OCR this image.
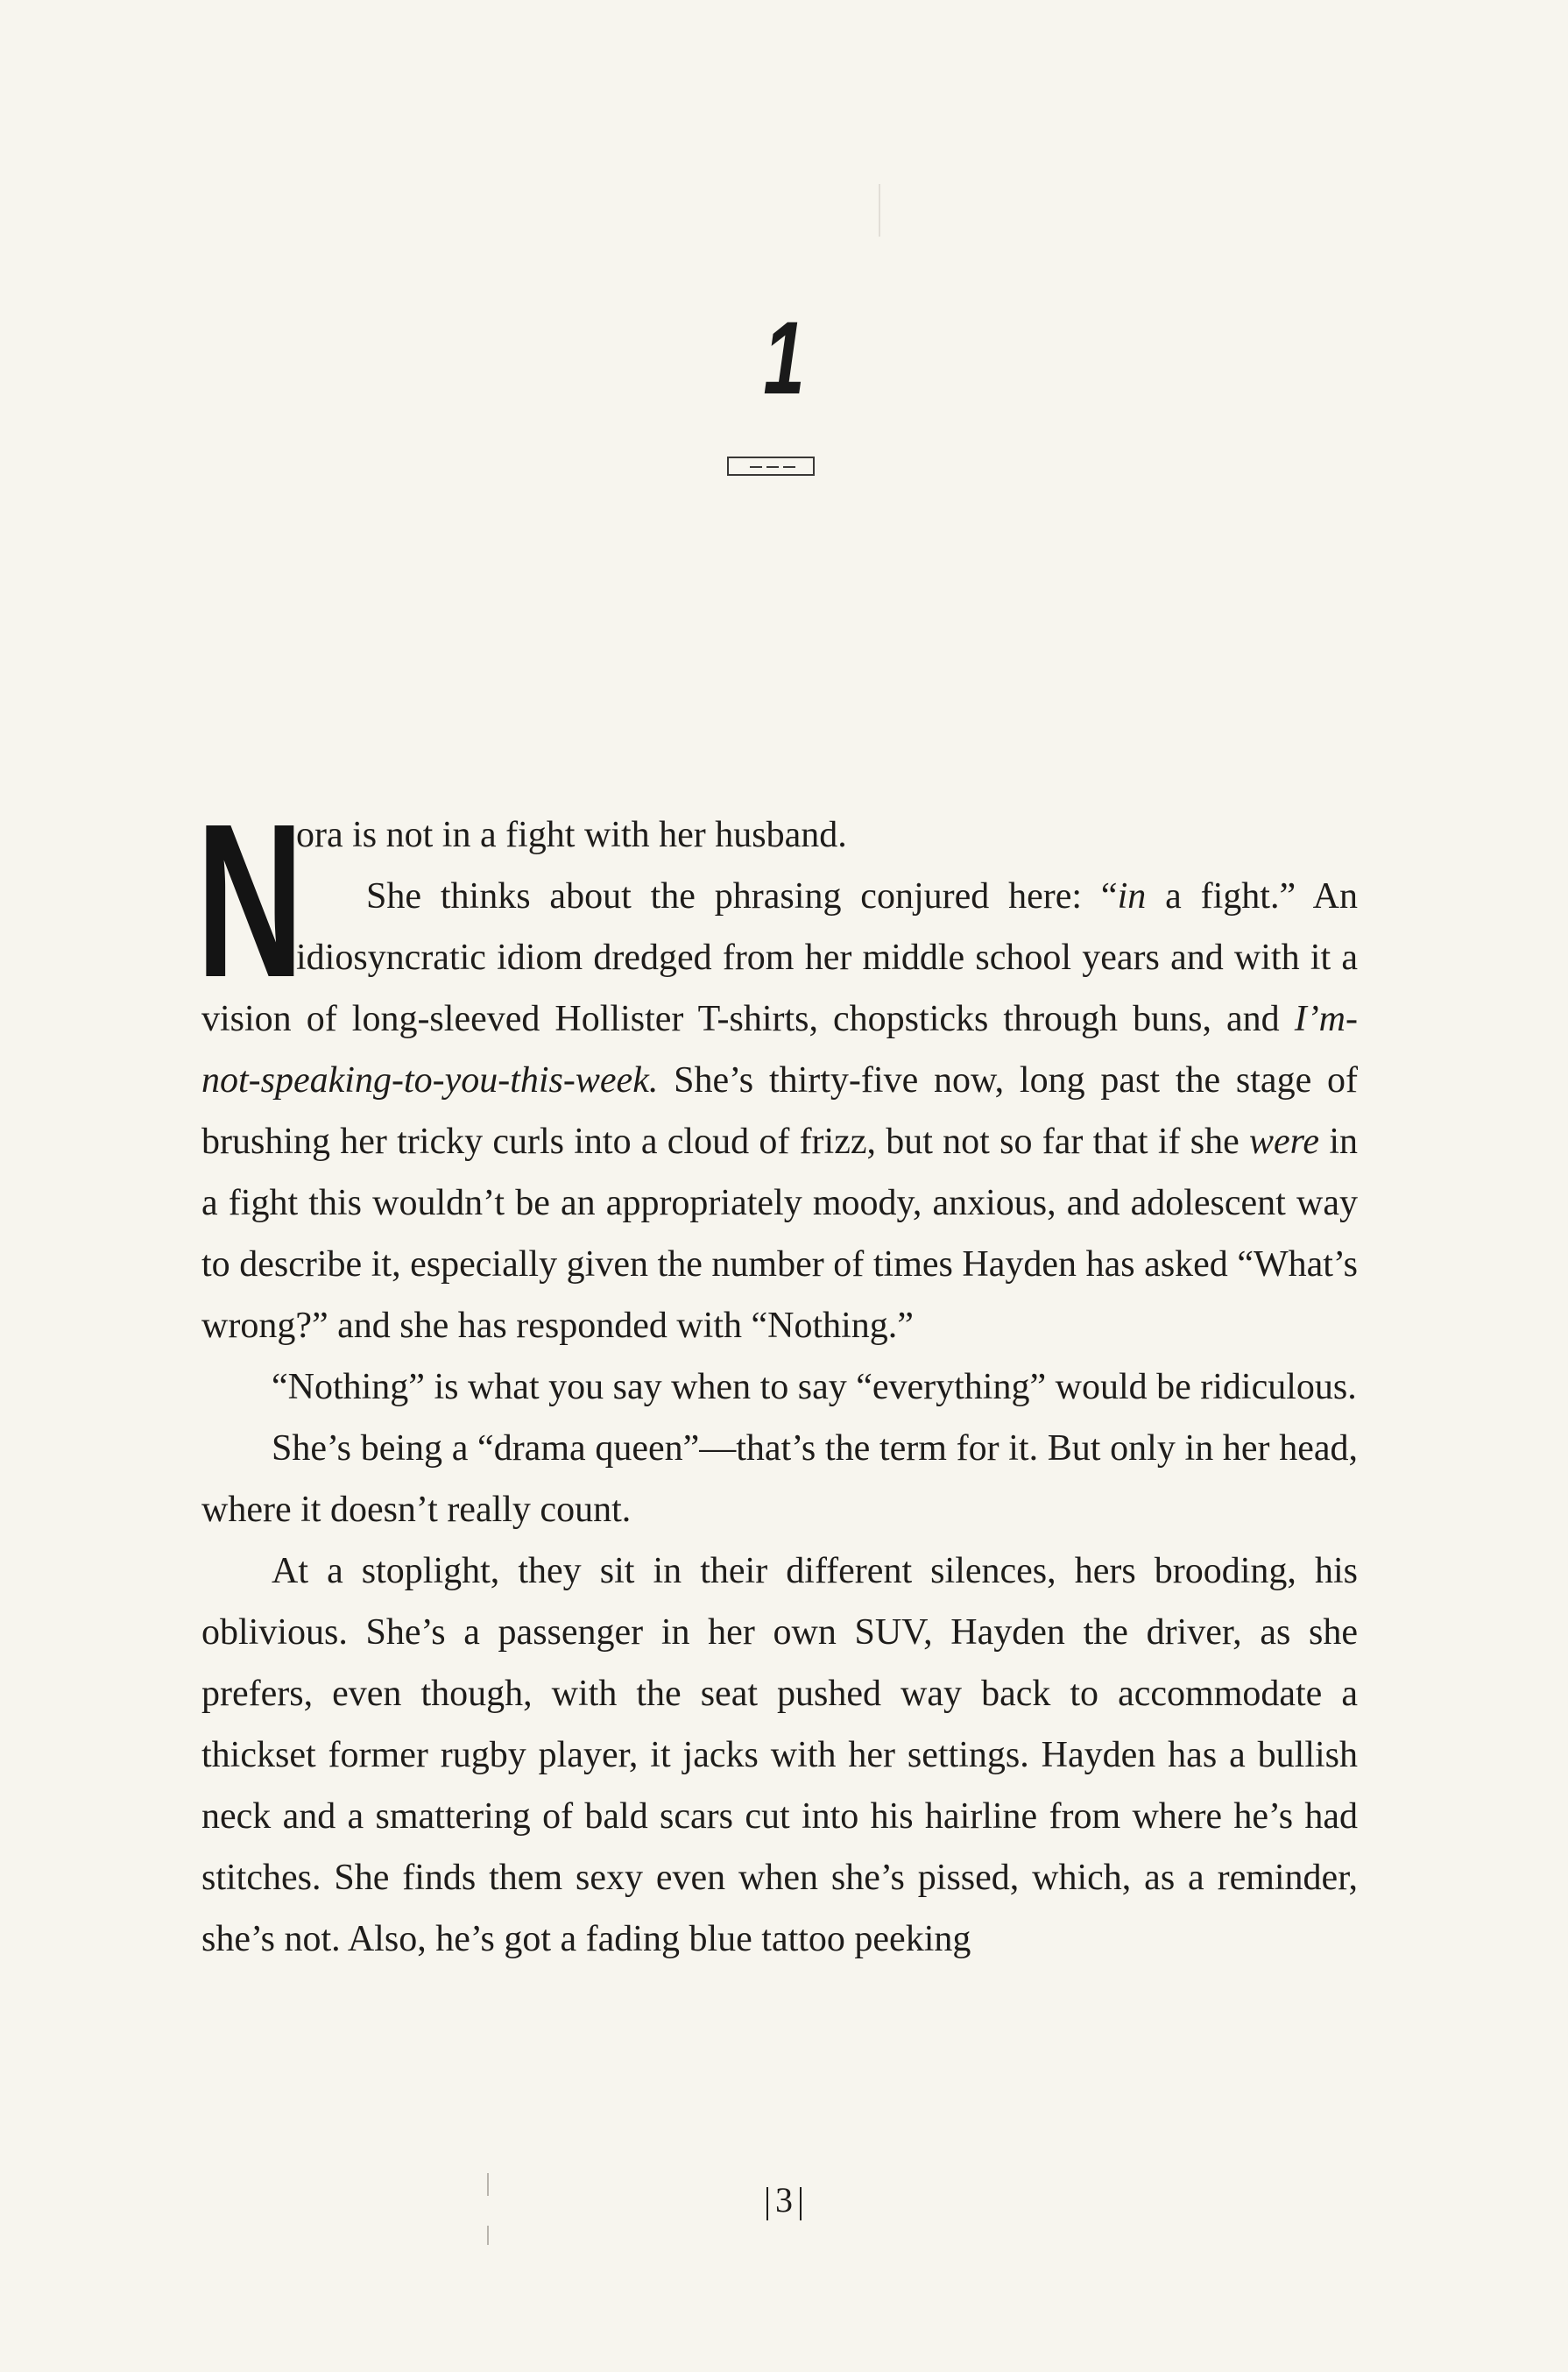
1
N

ora is not in a fight with her husband.

She thinks about the phrasing conjured here: “in a fight.” An idiosyncratic idiom dredged from her middle school years and with it a vision of long-sleeved Hollister T-shirts, chopsticks through buns, and I’m-not-speaking-to-you-this-week. She’s thirty-five now, long past the stage of brushing her tricky curls into a cloud of frizz, but not so far that if she were in a fight this wouldn’t be an appropriately moody, anxious, and adolescent way to describe it, especially given the number of times Hayden has asked “What’s wrong?” and she has responded with “Nothing.”

“Nothing” is what you say when to say “everything” would be ridiculous.

She’s being a “drama queen”—that’s the term for it. But only in her head, where it doesn’t really count.

At a stoplight, they sit in their different silences, hers brooding, his oblivious. She’s a passenger in her own SUV, Hayden the driver, as she prefers, even though, with the seat pushed way back to accommodate a thickset former rugby player, it jacks with her settings. Hayden has a bullish neck and a smattering of bald scars cut into his hairline from where he’s had stitches. She finds them sexy even when she’s pissed, which, as a reminder, she’s not. Also, he’s got a fading blue tattoo peeking

3
